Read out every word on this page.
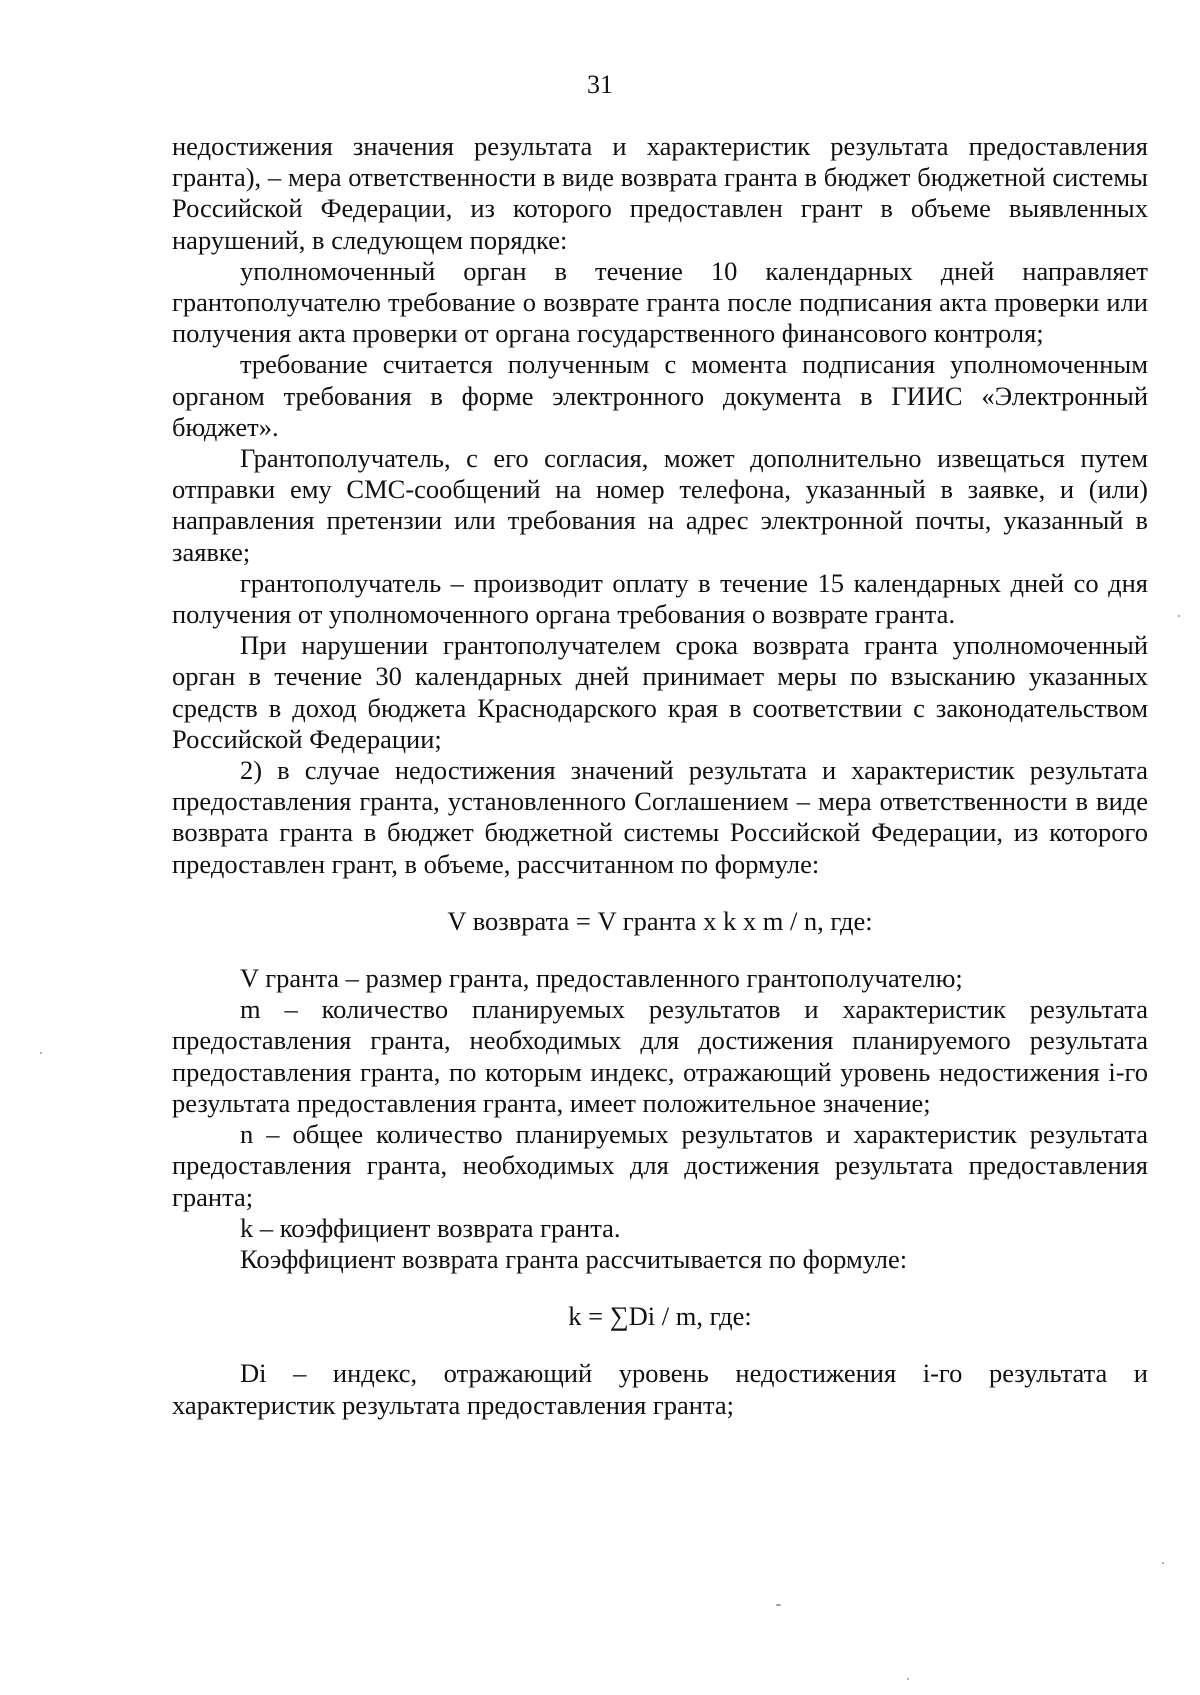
31

недостижения значения результата и характеристик результата предоставления гранта), – мера ответственности в виде возврата гранта в бюджет бюджетной системы Российской Федерации, из которого предоставлен грант в объеме выявленных нарушений, в следующем порядке:

уполномоченный орган в течение 10 календарных дней направляет грантополучателю требование о возврате гранта после подписания акта проверки или получения акта проверки от органа государственного финансового контроля;

требование считается полученным с момента подписания уполномоченным органом требования в форме электронного документа в ГИИС «Электронный бюджет».

Грантополучатель, с его согласия, может дополнительно извещаться путем отправки ему СМС-сообщений на номер телефона, указанный в заявке, и (или) направления претензии или требования на адрес электронной почты, указанный в заявке;

грантополучатель – производит оплату в течение 15 календарных дней со дня получения от уполномоченного органа требования о возврате гранта.

При нарушении грантополучателем срока возврата гранта уполномоченный орган в течение 30 календарных дней принимает меры по взысканию указанных средств в доход бюджета Краснодарского края в соответствии с законодательством Российской Федерации;

2) в случае недостижения значений результата и характеристик результата предоставления гранта, установленного Соглашением – мера ответственности в виде возврата гранта в бюджет бюджетной системы Российской Федерации, из которого предоставлен грант, в объеме, рассчитанном по формуле:

V возврата = V гранта х k х m / n, где:

V гранта – размер гранта, предоставленного грантополучателю;

m – количество планируемых результатов и характеристик результата предоставления гранта, необходимых для достижения планируемого результата предоставления гранта, по которым индекс, отражающий уровень недостижения i-го результата предоставления гранта, имеет положительное значение;

n – общее количество планируемых результатов и характеристик результата предоставления гранта, необходимых для достижения результата предоставления гранта;

k – коэффициент возврата гранта.

Коэффициент возврата гранта рассчитывается по формуле:

k = ∑Di / m, где:

Di – индекс, отражающий уровень недостижения i-го результата и характеристик результата предоставления гранта;
